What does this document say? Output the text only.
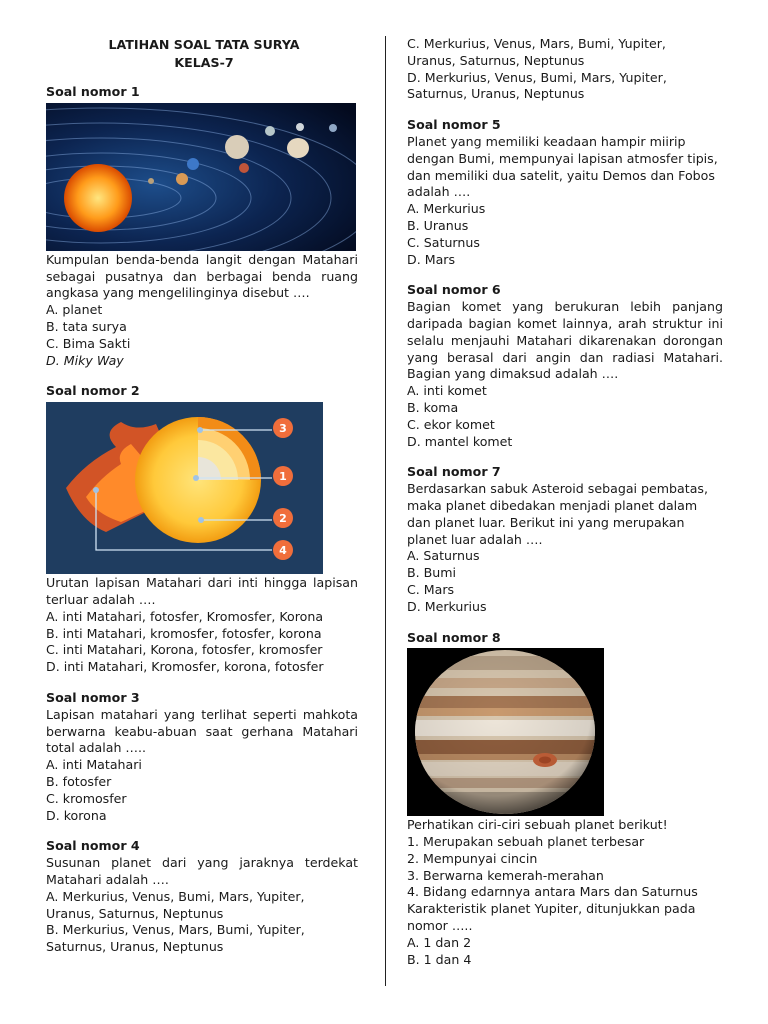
LATIHAN SOAL TATA SURYA
KELAS-7
Soal nomor 1

Kumpulan benda-benda langit dengan Matahari sebagai pusatnya dan berbagai benda ruang angkasa yang mengelilinginya disebut ….

A. planet

B. tata surya

C. Bima Sakti

D. Miky Way

Soal nomor 2
3
1
2
4

Urutan lapisan Matahari dari inti hingga lapisan terluar adalah ….

A. inti Matahari, fotosfer, Kromosfer, Korona

B. inti Matahari, kromosfer, fotosfer, korona

C. inti Matahari, Korona, fotosfer, kromosfer

D. inti Matahari, Kromosfer, korona, fotosfer

Soal nomor 3

Lapisan matahari yang terlihat seperti mahkota berwarna keabu-abuan saat gerhana Matahari total adalah …..

A. inti Matahari

B. fotosfer

C. kromosfer

D. korona

Soal nomor 4

Susunan planet dari yang jaraknya terdekat Matahari adalah ….

A. Merkurius, Venus, Bumi, Mars, Yupiter,

Uranus, Saturnus, Neptunus

B. Merkurius, Venus, Mars, Bumi, Yupiter,

Saturnus, Uranus, Neptunus

C. Merkurius, Venus, Mars, Bumi, Yupiter,

Uranus, Saturnus, Neptunus

D. Merkurius, Venus, Bumi, Mars, Yupiter,

Saturnus, Uranus, Neptunus

Soal nomor 5

Planet yang memiliki keadaan hampir miirip dengan Bumi, mempunyai lapisan atmosfer tipis, dan memiliki dua satelit, yaitu Demos dan Fobos adalah ….

A. Merkurius

B. Uranus

C. Saturnus

D. Mars

Soal nomor 6

Bagian komet yang berukuran lebih panjang daripada bagian komet lainnya, arah struktur ini selalu menjauhi Matahari dikarenakan dorongan yang berasal dari angin dan radiasi Matahari. Bagian yang dimaksud adalah ….

A. inti komet

B. koma

C. ekor komet

D. mantel komet

Soal nomor 7

Berdasarkan sabuk Asteroid sebagai pembatas, maka planet dibedakan menjadi planet dalam dan planet luar. Berikut ini yang merupakan planet luar adalah ….

A. Saturnus

B. Bumi

C. Mars

D. Merkurius

Soal nomor 8

Perhatikan ciri-ciri sebuah planet berikut!

1. Merupakan sebuah planet terbesar

2. Mempunyai cincin

3. Berwarna kemerah-merahan

4. Bidang edarnnya antara Mars dan Saturnus

Karakteristik planet Yupiter, ditunjukkan pada nomor …..

A. 1 dan 2

B. 1 dan 4
